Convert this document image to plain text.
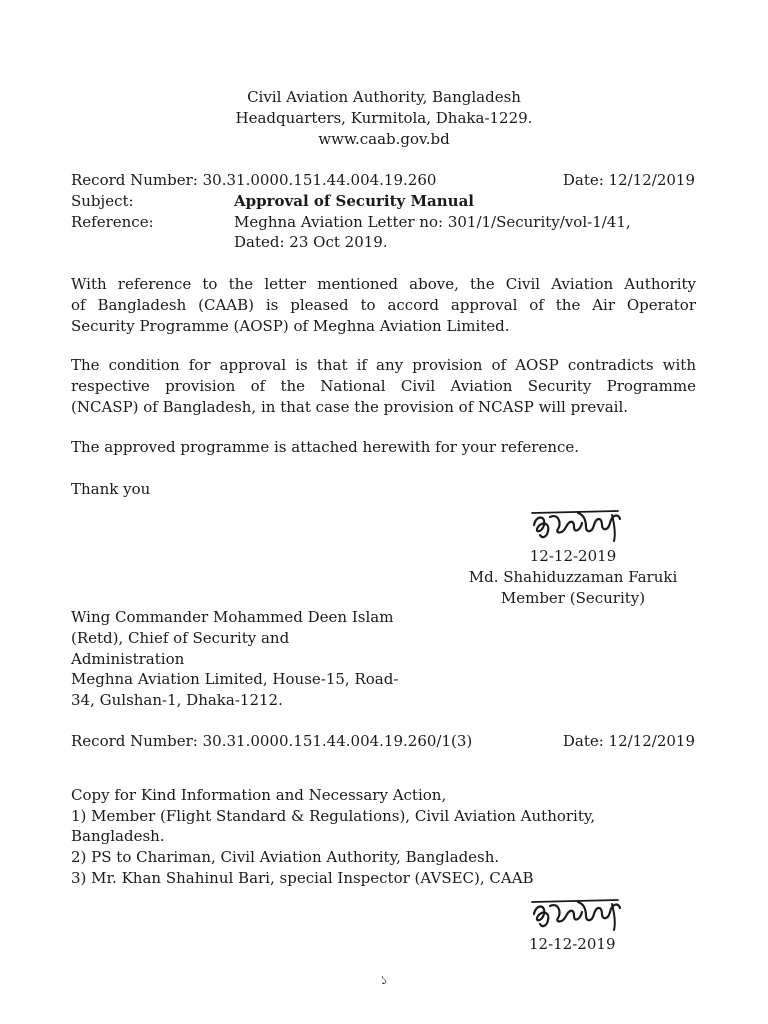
Civil Aviation Authority, Bangladesh
Headquarters, Kurmitola, Dhaka-1229.
www.caab.gov.bd
Record Number: 30.31.0000.151.44.004.19.260	Date: 12/12/2019
Subject:	Approval of Security Manual
Reference:	Meghna Aviation Letter no: 301/1/Security/vol-1/41,
Dated: 23 Oct 2019.
With reference to the letter mentioned above, the Civil Aviation Authority
of Bangladesh (CAAB) is pleased to accord approval of the Air Operator
Security Programme (AOSP) of Meghna Aviation Limited.
The condition for approval is that if any provision of AOSP contradicts with
respective provision of the National Civil Aviation Security Programme
(NCASP) of Bangladesh, in that case the provision of NCASP will prevail.
The approved programme is attached herewith for your reference.
Thank you
12-12-2019
Md. Shahiduzzaman Faruki
Member (Security)
Wing Commander Mohammed Deen Islam
(Retd), Chief of Security and
Administration
Meghna Aviation Limited, House-15, Road-
34, Gulshan-1, Dhaka-1212.
Record Number: 30.31.0000.151.44.004.19.260/1(3)	Date: 12/12/2019
Copy for Kind Information and Necessary Action,
1) Member (Flight Standard & Regulations), Civil Aviation Authority,
Bangladesh.
2) PS to Chariman, Civil Aviation Authority, Bangladesh.
3) Mr. Khan Shahinul Bari, special Inspector (AVSEC), CAAB
12-12-2019
১
